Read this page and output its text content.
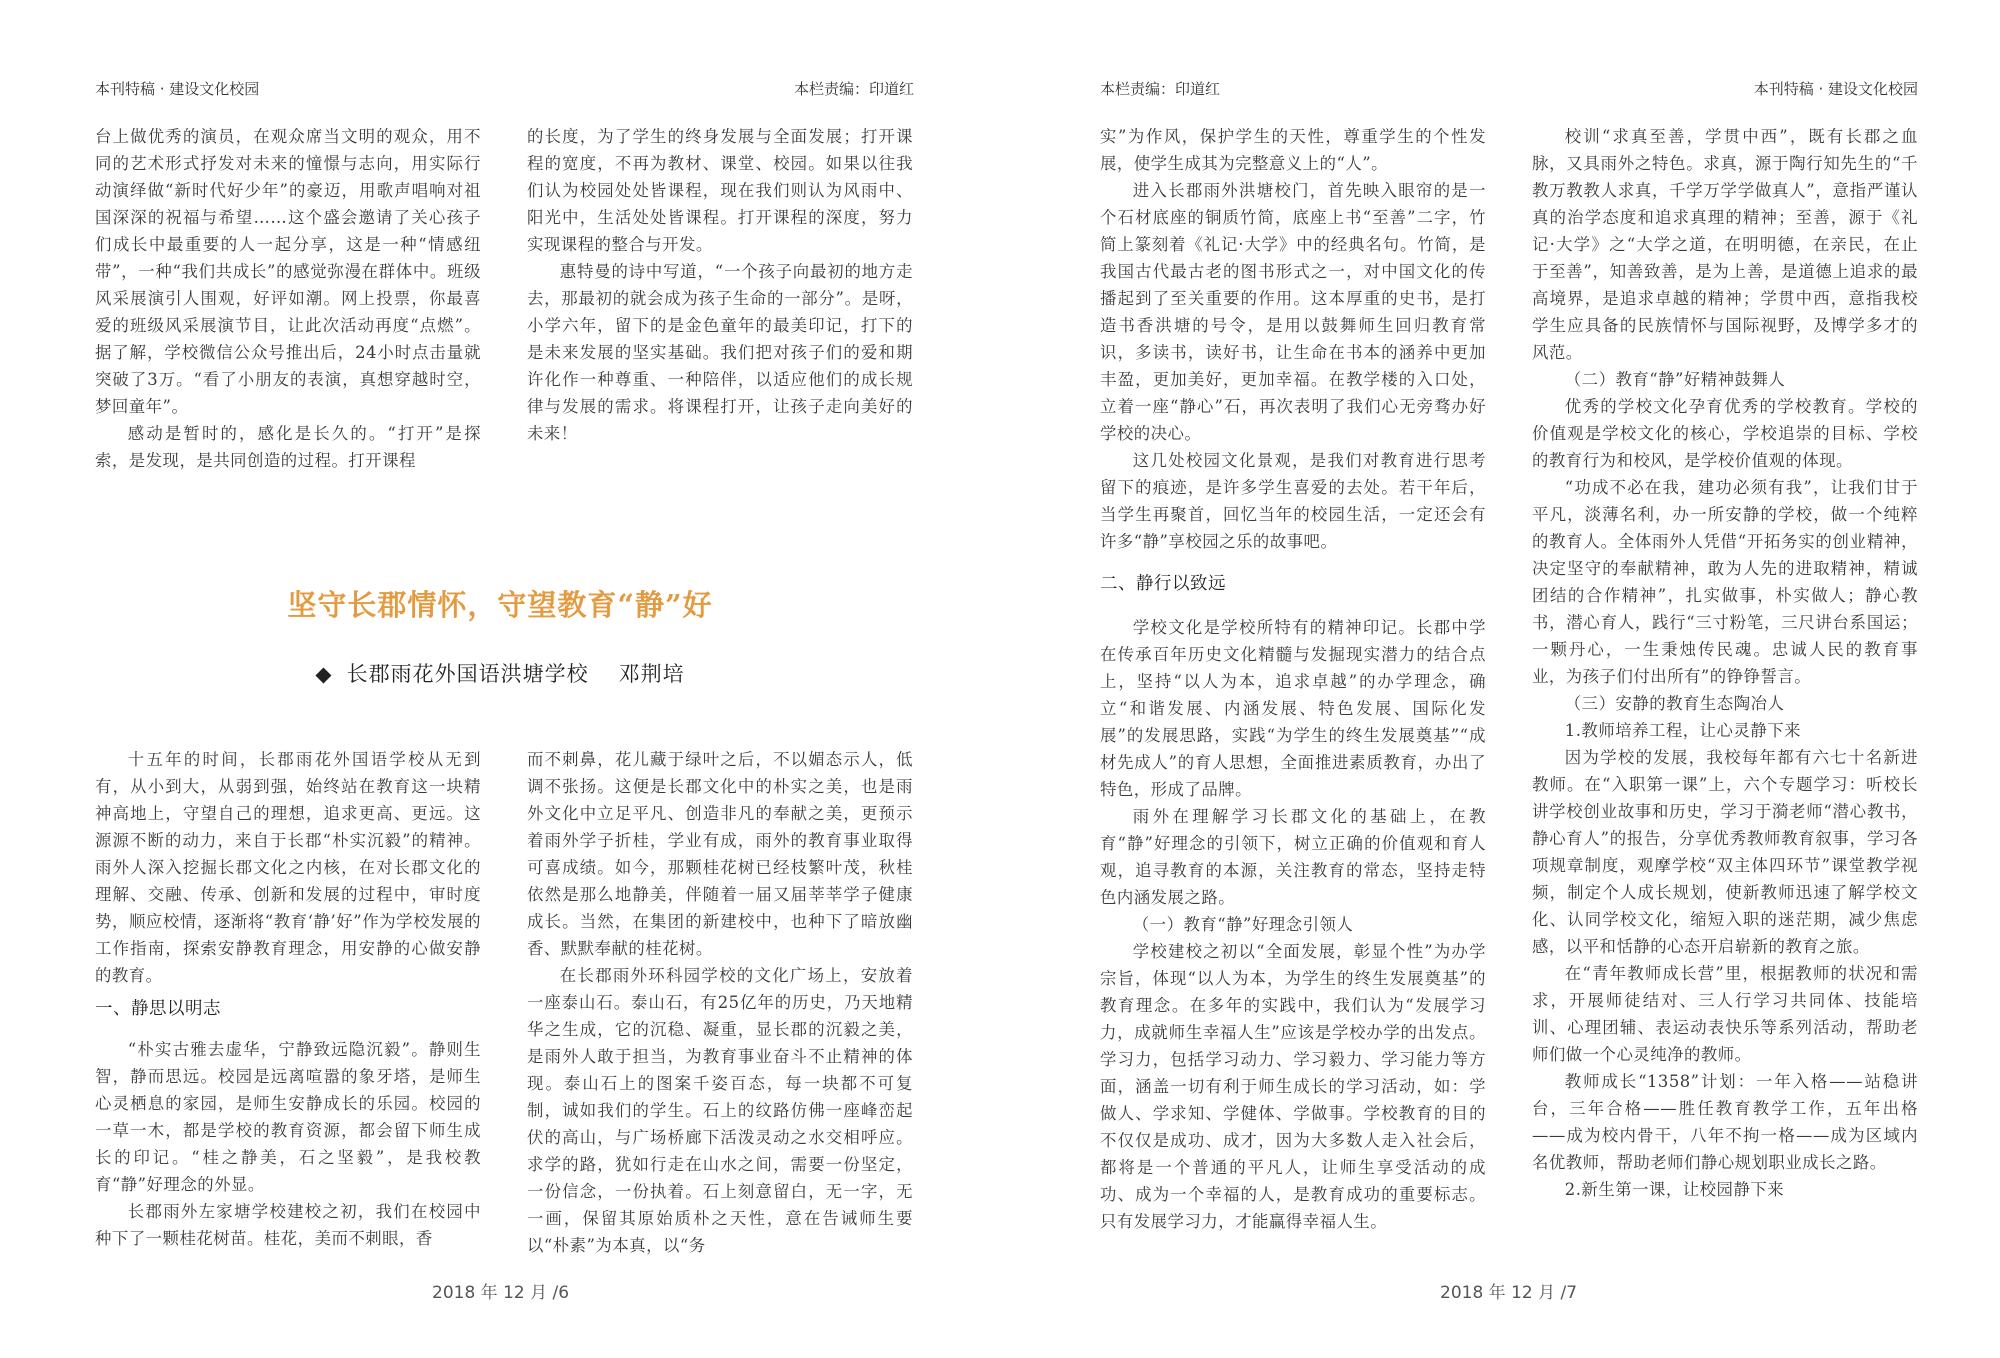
本刊特稿 · 建设文化校园	本栏责编：印道红

台上做优秀的演员，在观众席当文明的观众，用不同的艺术形式抒发对未来的憧憬与志向，用实际行动演绎做“新时代好少年”的豪迈，用歌声唱响对祖国深深的祝福与希望……这个盛会邀请了关心孩子们成长中最重要的人一起分享，这是一种“情感纽带”，一种“我们共成长”的感觉弥漫在群体中。班级风采展演引人围观，好评如潮。网上投票，你最喜爱的班级风采展演节目，让此次活动再度“点燃”。据了解，学校微信公众号推出后，24小时点击量就突破了3万。“看了小朋友的表演，真想穿越时空，梦回童年”。

感动是暂时的，感化是长久的。“打开”是探索，是发现，是共同创造的过程。打开课程

的长度，为了学生的终身发展与全面发展；打开课程的宽度，不再为教材、课堂、校园。如果以往我们认为校园处处皆课程，现在我们则认为风雨中、阳光中，生活处处皆课程。打开课程的深度，努力实现课程的整合与开发。

惠特曼的诗中写道，“一个孩子向最初的地方走去，那最初的就会成为孩子生命的一部分”。是呀，小学六年，留下的是金色童年的最美印记，打下的是未来发展的坚实基础。我们把对孩子们的爱和期许化作一种尊重、一种陪伴，以适应他们的成长规律与发展的需求。将课程打开，让孩子走向美好的未来！

坚守长郡情怀，守望教育“静”好
◆ 长郡雨花外国语洪塘学校 邓荆培

十五年的时间，长郡雨花外国语学校从无到有，从小到大，从弱到强，始终站在教育这一块精神高地上，守望自己的理想，追求更高、更远。这源源不断的动力，来自于长郡“朴实沉毅”的精神。雨外人深入挖掘长郡文化之内核，在对长郡文化的理解、交融、传承、创新和发展的过程中，审时度势，顺应校情，逐渐将“教育‘静’好”作为学校发展的工作指南，探索安静教育理念，用安静的心做安静的教育。

一、静思以明志

“朴实古雅去虚华，宁静致远隐沉毅”。静则生智，静而思远。校园是远离喧嚣的象牙塔，是师生心灵栖息的家园，是师生安静成长的乐园。校园的一草一木，都是学校的教育资源，都会留下师生成长的印记。“桂之静美，石之坚毅”，是我校教育“静”好理念的外显。

长郡雨外左家塘学校建校之初，我们在校园中种下了一颗桂花树苗。桂花，美而不刺眼，香

而不刺鼻，花儿藏于绿叶之后，不以媚态示人，低调不张扬。这便是长郡文化中的朴实之美，也是雨外文化中立足平凡、创造非凡的奉献之美，更预示着雨外学子折桂，学业有成，雨外的教育事业取得可喜成绩。如今，那颗桂花树已经枝繁叶茂，秋桂依然是那么地静美，伴随着一届又届莘莘学子健康成长。当然，在集团的新建校中，也种下了暗放幽香、默默奉献的桂花树。

在长郡雨外环科园学校的文化广场上，安放着一座泰山石。泰山石，有25亿年的历史，乃天地精华之生成，它的沉稳、凝重，显长郡的沉毅之美，是雨外人敢于担当，为教育事业奋斗不止精神的体现。泰山石上的图案千姿百态，每一块都不可复制，诚如我们的学生。石上的纹路仿佛一座峰峦起伏的高山，与广场桥廊下活泼灵动之水交相呼应。求学的路，犹如行走在山水之间，需要一份坚定，一份信念，一份执着。石上刻意留白，无一字，无一画，保留其原始质朴之天性，意在告诫师生要以“朴素”为本真，以“务

2018 年 12 月 /6
本栏责编：印道红	本刊特稿 · 建设文化校园

实”为作风，保护学生的天性，尊重学生的个性发展，使学生成其为完整意义上的“人”。

进入长郡雨外洪塘校门，首先映入眼帘的是一个石材底座的铜质竹简，底座上书“至善”二字，竹简上篆刻着《礼记·大学》中的经典名句。竹简，是我国古代最古老的图书形式之一，对中国文化的传播起到了至关重要的作用。这本厚重的史书，是打造书香洪塘的号令，是用以鼓舞师生回归教育常识，多读书，读好书，让生命在书本的涵养中更加丰盈，更加美好，更加幸福。在教学楼的入口处，立着一座“静心”石，再次表明了我们心无旁骛办好学校的决心。

这几处校园文化景观，是我们对教育进行思考留下的痕迹，是许多学生喜爱的去处。若干年后，当学生再聚首，回忆当年的校园生活，一定还会有许多“静”享校园之乐的故事吧。

二、静行以致远

学校文化是学校所特有的精神印记。长郡中学在传承百年历史文化精髓与发掘现实潜力的结合点上，坚持“以人为本，追求卓越”的办学理念，确立“和谐发展、内涵发展、特色发展、国际化发展”的发展思路，实践“为学生的终生发展奠基”“成材先成人”的育人思想，全面推进素质教育，办出了特色，形成了品牌。

雨外在理解学习长郡文化的基础上，在教育“静”好理念的引领下，树立正确的价值观和育人观，追寻教育的本源，关注教育的常态，坚持走特色内涵发展之路。

（一）教育“静”好理念引领人

学校建校之初以“全面发展，彰显个性”为办学宗旨，体现“以人为本，为学生的终生发展奠基”的教育理念。在多年的实践中，我们认为“发展学习力，成就师生幸福人生”应该是学校办学的出发点。学习力，包括学习动力、学习毅力、学习能力等方面，涵盖一切有利于师生成长的学习活动，如：学做人、学求知、学健体、学做事。学校教育的目的不仅仅是成功、成才，因为大多数人走入社会后，都将是一个普通的平凡人，让师生享受活动的成功、成为一个幸福的人，是教育成功的重要标志。只有发展学习力，才能赢得幸福人生。

校训“求真至善，学贯中西”，既有长郡之血脉，又具雨外之特色。求真，源于陶行知先生的“千教万教教人求真，千学万学学做真人”，意指严谨认真的治学态度和追求真理的精神；至善，源于《礼记·大学》之“大学之道，在明明德，在亲民，在止于至善”，知善致善，是为上善，是道德上追求的最高境界，是追求卓越的精神；学贯中西，意指我校学生应具备的民族情怀与国际视野，及博学多才的风范。

（二）教育“静”好精神鼓舞人

优秀的学校文化孕育优秀的学校教育。学校的价值观是学校文化的核心，学校追崇的目标、学校的教育行为和校风，是学校价值观的体现。

“功成不必在我，建功必须有我”，让我们甘于平凡，淡薄名利，办一所安静的学校，做一个纯粹的教育人。全体雨外人凭借“开拓务实的创业精神，决定坚守的奉献精神，敢为人先的进取精神，精诚团结的合作精神”，扎实做事，朴实做人；静心教书，潜心育人，践行“三寸粉笔，三尺讲台系国运；一颗丹心，一生秉烛传民魂。忠诚人民的教育事业，为孩子们付出所有”的铮铮誓言。

（三）安静的教育生态陶冶人

1.教师培养工程，让心灵静下来

因为学校的发展，我校每年都有六七十名新进教师。在“入职第一课”上，六个专题学习：听校长讲学校创业故事和历史，学习于漪老师“潜心教书，静心育人”的报告，分享优秀教师教育叙事，学习各项规章制度，观摩学校“双主体四环节”课堂教学视频，制定个人成长规划，使新教师迅速了解学校文化、认同学校文化，缩短入职的迷茫期，减少焦虑感，以平和恬静的心态开启崭新的教育之旅。

在“青年教师成长营”里，根据教师的状况和需求，开展师徒结对、三人行学习共同体、技能培训、心理团辅、表运动表快乐等系列活动，帮助老师们做一个心灵纯净的教师。

教师成长“1358”计划：一年入格——站稳讲台，三年合格——胜任教育教学工作，五年出格——成为校内骨干，八年不拘一格——成为区域内名优教师，帮助老师们静心规划职业成长之路。

2.新生第一课，让校园静下来

2018 年 12 月 /7
